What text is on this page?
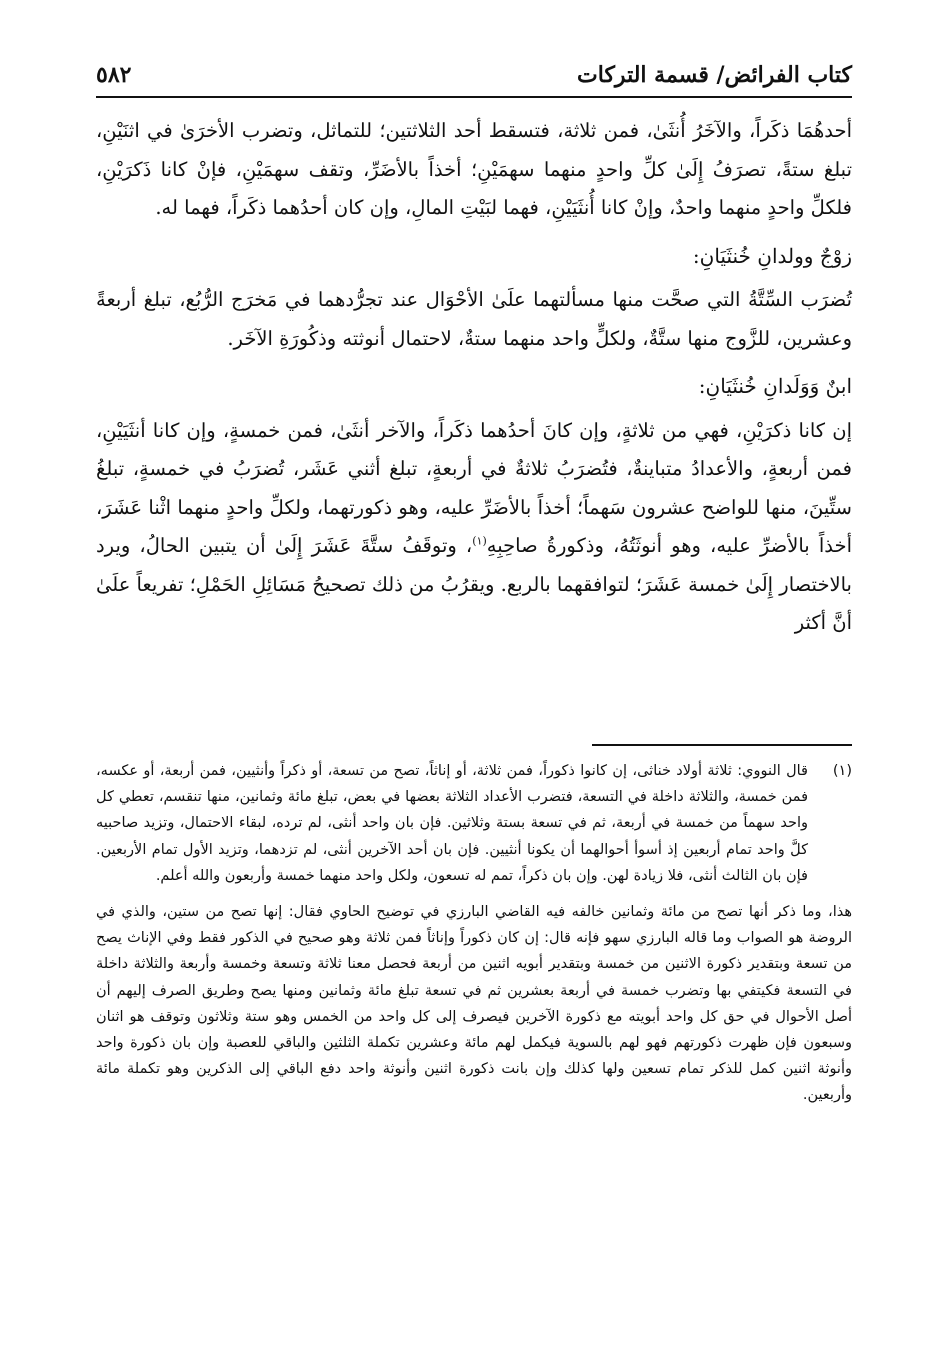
كتاب الفرائض/ قسمة التركات
٥٨٢

أحدهُمَا ذكَراً، والآخَرُ أُنثَىٰ، فمن ثلاثة، فتسقط أحد الثلاثتين؛ للتماثل، وتضرب الأخرَىٰ في اثنَيْنِ، تبلغ ستةً، تصرَفُ إِلَىٰ كلِّ واحدٍ منهما سهمَيْنِ؛ أخذاً بالأضَرِّ، وتقف سهمَيْنِ، فإنْ كانا ذَكرَيْنِ، فلكلِّ واحدٍ منهما واحدٌ، وإنْ كانا أُنثَيَيْنِ، فهما لبَيْتِ المالِ، وإن كان أحدُهما ذكَراً، فهما له.

زوْجٌ وولدانِ خُنثَيَانِ:

تُضرَب السِّتَّةُ التي صحَّت منها مسألتهما علَىٰ الأحْوَال عند تجرُّدهما في مَخرَج الرُّبُع، تبلغ أربعةً وعشرين، للزَّوج منها ستَّةٌ، ولكلٍّ واحد منهما ستةٌ، لاحتمال أنوثته وذكُورَةِ الآخَر.

ابنٌ وَوَلَدانِ خُنثَيَانِ:

إن كانا ذكرَيْنِ، فهي من ثلاثةٍ، وإن كانَ أحدُهما ذكَراً، والآخر أنثَىٰ، فمن خمسةٍ، وإن كانا أنثَيَيْنِ، فمن أربعةٍ، والأعدادُ متباينةٌ، فتُضرَبُ ثلاثةٌ في أربعةٍ، تبلغ أثني عَشَر، تُضرَبُ في خمسةٍ، تبلغُ ستِّينَ، منها للواضح عشرون سَهماً؛ أخذاً بالأضَرِّ عليه، وهو ذكورتهما، ولكلِّ واحدٍ منهما اثْنا عَشَرَ، أخذاً بالأضرِّ عليه، وهو أنوثَتُهُ، وذكورةُ صاحِبِهِ$^{(١)}$، وتوقَفُ ستَّةَ عَشَرَ إِلَىٰ أن يتبين الحالُ، ويرد بالاختصار إِلَىٰ خمسة عَشَرَ؛ لتوافقهما بالربع. ويقرُبُ من ذلك تصحيحُ مَسَائِلِ الحَمْلِ؛ تفريعاً علَىٰ أنَّ أكثر

(١)
قال النووي: ثلاثة أولاد خناثى، إن كانوا ذكوراً، فمن ثلاثة، أو إناثاً، تصح من تسعة، أو ذكراً وأنثيين، فمن أربعة، أو عكسه، فمن خمسة، والثلاثة داخلة في التسعة، فتضرب الأعداد الثلاثة بعضها في بعض، تبلغ مائة وثمانين، منها تنقسم، تعطي كل واحد سهماً من خمسة في أربعة، ثم في تسعة بستة وثلاثين. فإن بان واحد أنثى، لم ترده، لبقاء الاحتمال، وتزيد صاحبيه كلَّ واحد تمام أربعين إذ أسوأ أحوالهما أن يكونا أنثيين. فإن بان أحد الآخرين أنثى، لم تزدهما، وتزيد الأول تمام الأربعين. فإن بان الثالث أنثى، فلا زيادة لهن. وإن بان ذكراً، تمم له تسعون، ولكل واحد منهما خمسة وأربعون والله أعلم.

هذا، وما ذكر أنها تصح من مائة وثمانين خالفه فيه القاضي البارزي في توضيح الحاوي فقال: إنها تصح من ستين، والذي في الروضة هو الصواب وما قاله البارزي سهو فإنه قال: إن كان ذكوراً وإناثاً فمن ثلاثة وهو صحيح في الذكور فقط وفي الإناث يصح من تسعة وبتقدير ذكورة الاثنين من خمسة وبتقدير أبويه اثنين من أربعة فحصل معنا ثلاثة وتسعة وخمسة وأربعة والثلاثة داخلة في التسعة فكيتفي بها وتضرب خمسة في أربعة بعشرين ثم في تسعة تبلغ مائة وثمانين ومنها يصح وطريق الصرف إليهم أن أصل الأحوال في حق كل واحد أبويته مع ذكورة الآخرين فيصرف إلى كل واحد من الخمس وهو ستة وثلاثون وتوقف هو اثنان وسبعون فإن ظهرت ذكورتهم فهو لهم بالسوية فيكمل لهم مائة وعشرين تكملة الثلثين والباقي للعصبة وإن بان ذكورة واحد وأنوثة اثنين كمل للذكر تمام تسعين ولها كذلك وإن بانت ذكورة اثنين وأنوثة واحد دفع الباقي إلى الذكرين وهو تكملة مائة وأربعين.
